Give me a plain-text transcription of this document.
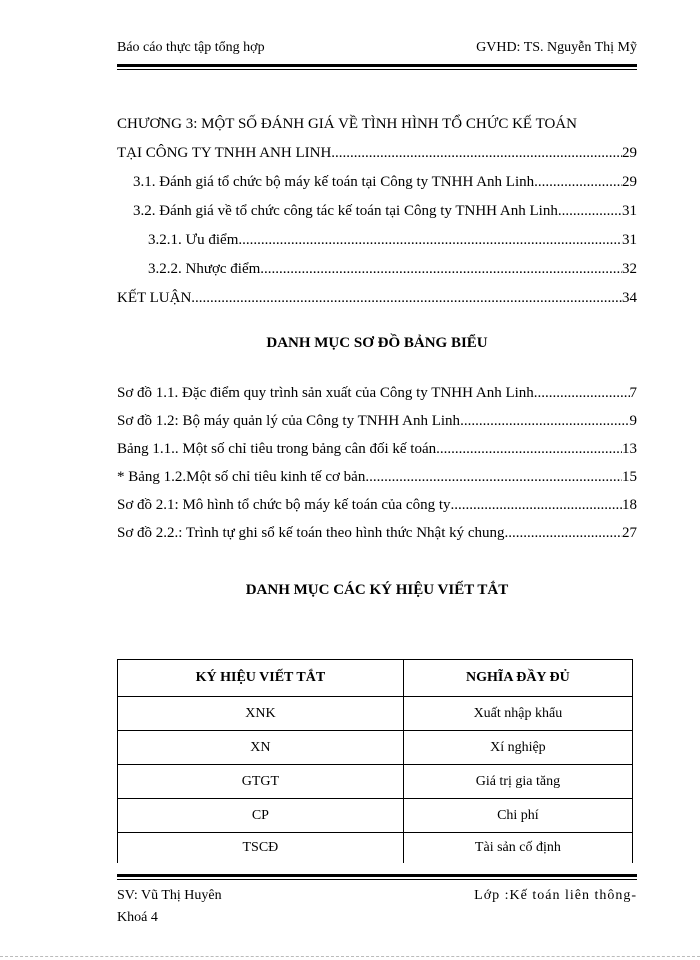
Báo cáo thực tập tổng hợp	GVHD: TS. Nguyễn Thị Mỹ
CHƯƠNG 3: MỘT SỐ ĐÁNH GIÁ VỀ TÌNH HÌNH TỔ CHỨC KẾ TOÁN
TẠI CÔNG TY TNHH ANH LINH. .....	29
3.1. Đánh giá tổ chức bộ máy kế toán tại Công ty TNHH Anh Linh .....	29
3.2. Đánh giá về tổ chức công tác kế toán tại Công ty TNHH Anh Linh .....	31
3.2.1. Ưu điểm .....	31
3.2.2. Nhược điểm .....	32
KẾT LUẬN .....	34
DANH MỤC SƠ ĐỒ BẢNG BIỂU
Sơ đồ 1.1. Đặc điểm quy trình sản xuất của Công ty TNHH Anh Linh .....	7
Sơ đồ 1.2: Bộ máy quản lý của Công ty TNHH Anh Linh .....	9
Bảng 1.1.. Một số chỉ tiêu trong bảng cân đối kế toán .....	13
* Bảng 1.2.Một số chỉ tiêu kinh tế cơ bản .....	15
Sơ đồ 2.1: Mô hình tổ chức bộ máy kế toán của công ty .....	18
Sơ đồ 2.2.: Trình tự ghi sổ kế toán theo hình thức Nhật ký chung .....	27
DANH MỤC CÁC KÝ HIỆU VIẾT TẮT
KÝ HIỆU VIẾT TẮT	NGHĨA ĐẦY ĐỦ
XNK	Xuất nhập khẩu
XN	Xí nghiệp
GTGT	Giá trị gia tăng
CP	Chi phí
TSCĐ	Tài sản cố định
SV: Vũ Thị Huyên	Lớp :Kế toán liên thông-
Khoá 4
